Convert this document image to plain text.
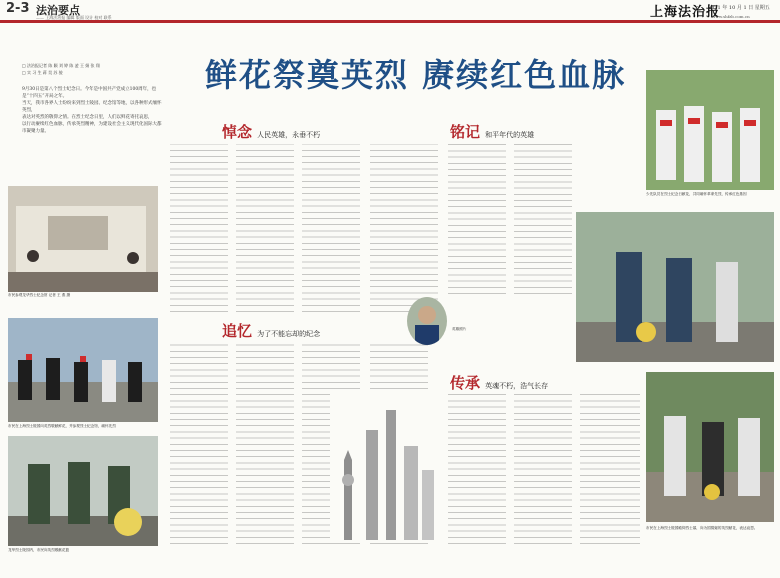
2-3 法治要点
—— 上海法治报 编辑 版面 设计 校对 联系	上海法治报
2021 年 10 月 1 日 星期五
www.shfzb.com.cn
□ 法治报记者 陈 颖 刘 婷 陈 凌 王 娟 张 翔
□ 实 习 生 蒋 昊 苏 骏	鲜花祭奠英烈 赓续红色血脉
9月30日是第八个烈士纪念日。今年是中国共产党成立100周年，也是“十四五”开局之年。
当天，我市各界人士纷纷来到烈士陵园、纪念馆等地，以各种形式缅怀英烈，
表达对英烈的敬仰之情。在烈士纪念日里，人们以鲜花寄托哀思，
以行动赓续红色血脉，传承英烈精神，为建设社会主义现代化国际大都市凝聚力量。	悼念 人民英雄，永垂不朽	铭记 和平年代的英雄
追忆 为了不能忘却的纪念
传承 英魂不朽，浩气长存
市民参观龙华烈士纪念馆 记者 王 燕 摄
市民在上海烈士陵园向英烈敬献鲜花，并参观烈士纪念馆，缅怀先烈
龙华烈士陵园内，市民向英烈敬献花篮
英雄照片
少先队员在烈士纪念日献花，共同缅怀革命先烈，传承红色基因
市民在上海烈士陵园瞻仰烈士墓，向为国捐躯的英烈献花，表达哀思。
